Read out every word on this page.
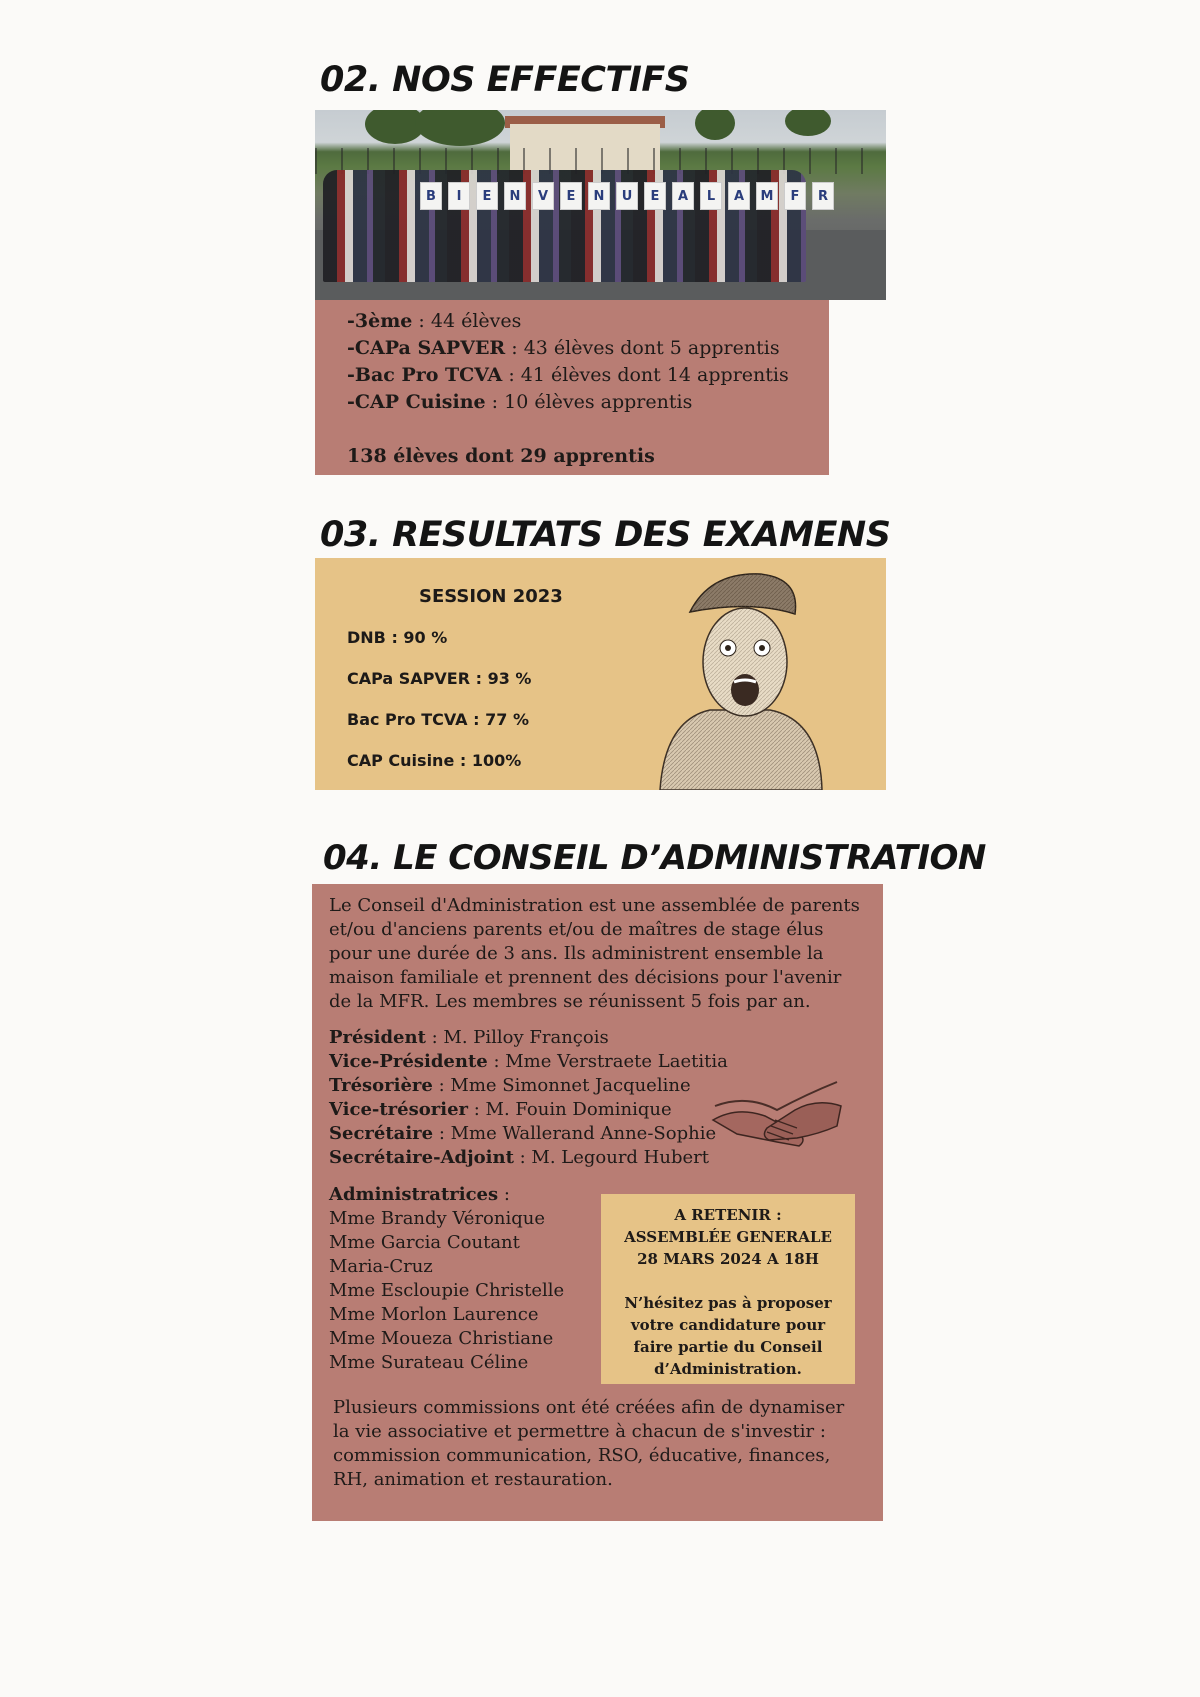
02. NOS EFFECTIFS
B	I	E	N	V	E	N	U	E	A	L	A	M	F	R
-3ème : 44 élèves
-CAPa SAPVER : 43 élèves dont 5 apprentis
-Bac Pro TCVA : 41 élèves dont 14 apprentis
-CAP Cuisine : 10 élèves apprentis
138 élèves dont 29 apprentis
03. RESULTATS DES EXAMENS
SESSION 2023
DNB : 90 %
CAPa SAPVER : 93 %
Bac Pro TCVA : 77 %
CAP Cuisine : 100%
04. LE CONSEIL D’ADMINISTRATION

Le Conseil d'Administration est une assemblée de parents et/ou d'anciens parents et/ou de maîtres de stage élus pour une durée de 3 ans. Ils administrent ensemble la maison familiale et prennent des décisions pour l'avenir de la MFR. Les membres se réunissent 5 fois par an.

Président : M. Pilloy François
Vice-Présidente : Mme Verstraete Laetitia
Trésorière : Mme Simonnet Jacqueline
Vice-trésorier : M. Fouin Dominique
Secrétaire : Mme Wallerand Anne-Sophie
Secrétaire-Adjoint : M. Legourd Hubert
Administratrices :
Mme Brandy Véronique
Mme Garcia Coutant
Maria-Cruz
Mme Escloupie Christelle
Mme Morlon Laurence
Mme Moueza Christiane
Mme Surateau Céline
A RETENIR :
ASSEMBLÉE GENERALE
28 MARS 2024 A 18H
N’hésitez pas à proposer
votre candidature pour
faire partie du Conseil
d’Administration.

Plusieurs commissions ont été créées afin de dynamiser la vie associative et permettre à chacun de s'investir : commission communication, RSO, éducative, finances, RH, animation et restauration.
